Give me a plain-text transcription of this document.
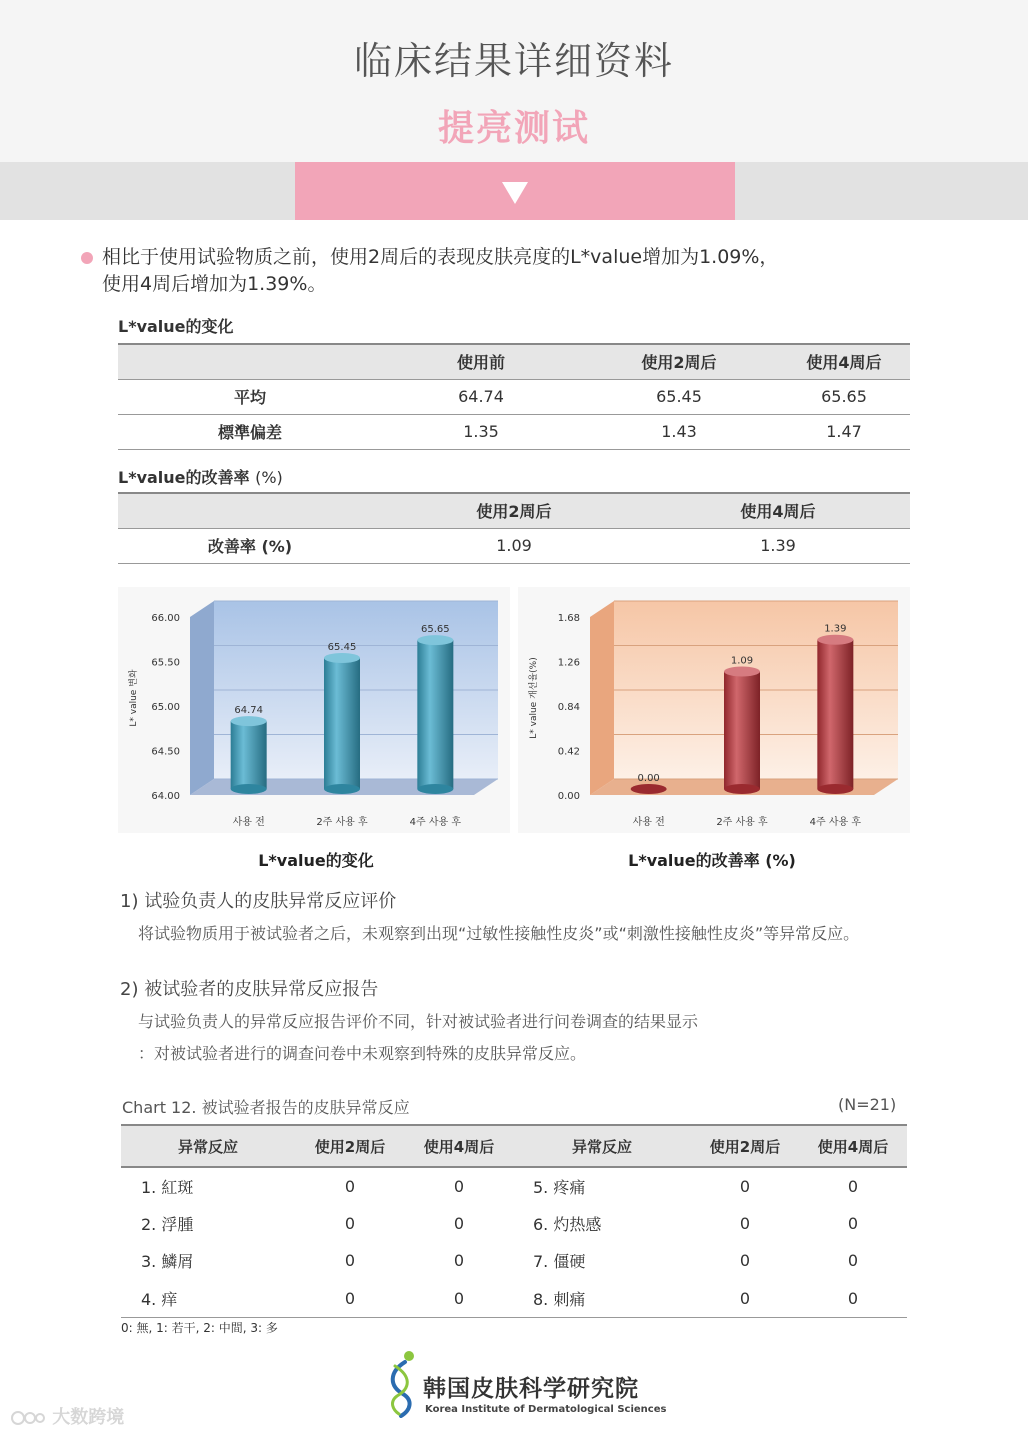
临床结果详细资料
提亮测试
相比于使用试验物质之前，使用2周后的表现皮肤亮度的L*value增加为1.09%，
使用4周后增加为1.39%。
L*value的变化
	使用前	使用2周后	使用4周后
平均	64.74	65.45	65.65
標準偏差	1.35	1.43	1.47
L*value的改善率 (%)
	使用2周后	使用4周后
改善率 (%)	1.09	1.39
64.00
64.50
65.00
65.50
66.00
L* value 변화	64.74
사용 전
65.45
2주 사용 후
65.65
4주 사용 후
0.00
0.42
0.84
1.26
1.68
L* value 개선율(%)
0.00
사용 전
1.09
2주 사용 후
1.39
4주 사용 후
L*value的变化	L*value的改善率 (%)
1) 试验负责人的皮肤异常反应评价
将试验物质用于被试验者之后，未观察到出现“过敏性接触性皮炎”或“刺激性接触性皮炎”等异常反应。
2) 被试验者的皮肤异常反应报告
与试验负责人的异常反应报告评价不同，针对被试验者进行问卷调查的结果显示
：对被试验者进行的调查问卷中未观察到特殊的皮肤异常反应。
Chart 12. 被试验者报告的皮肤异常反应	(N=21)
异常反应	使用2周后	使用4周后	异常反应	使用2周后	使用4周后
1. 紅斑	0	0	5. 疼痛	0	0
2. 浮腫	0	0	6. 灼热感	0	0
3. 鱗屑	0	0	7. 僵硬	0	0
4. 痒	0	0	8. 刺痛	0	0
0: 無, 1: 若干, 2: 中間, 3: 多
韩国皮肤科学研究院
Korea Institute of Dermatological Sciences
大数跨境
